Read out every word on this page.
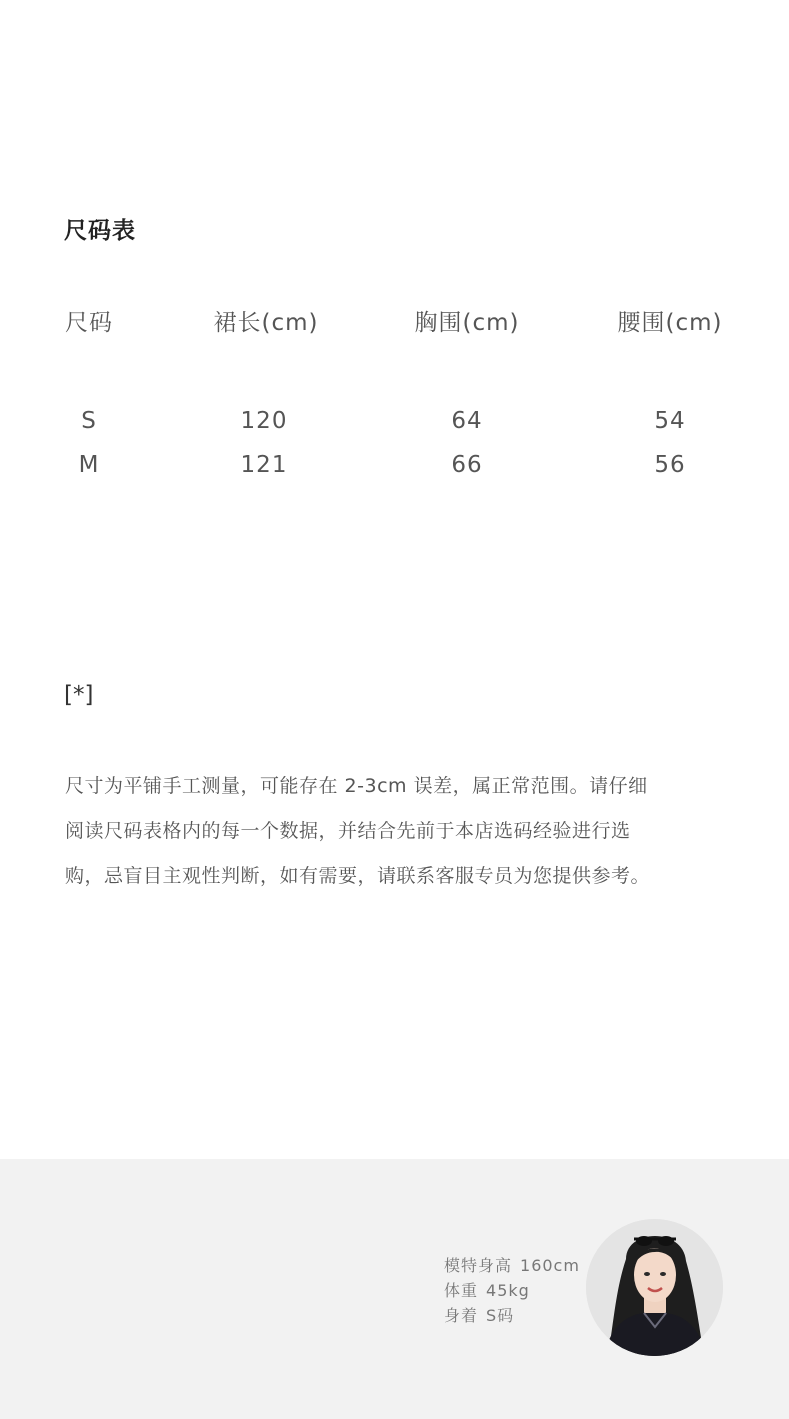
尺码表
尺码	裙长(cm)	胸围(cm)	腰围(cm)
S	120	64	54
M	121	66	56
[*]
尺寸为平铺手工测量，可能存在 2-3cm 误差，属正常范围。请仔细
阅读尺码表格内的每一个数据，并结合先前于本店选码经验进行选
购，忌盲目主观性判断，如有需要，请联系客服专员为您提供参考。
模特身高 160cm
体重 45kg
身着 S码
